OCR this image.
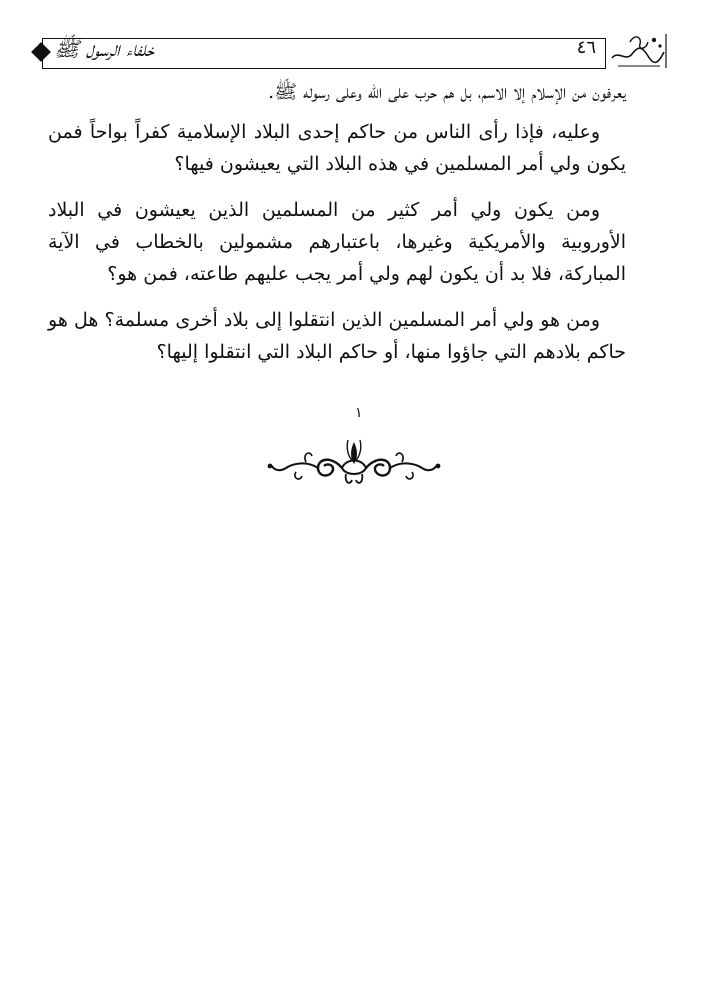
خلفاء الرسول ﷺ	٤٦

يعرفون من الإسلام إلا الاسم، بل هم حرب على الله وعلى رسوله ﷺ.

وعليه، فإذا رأى الناس من حاكم إحدى البلاد الإسلامية كفراً بواحاً فمن يكون ولي أمر المسلمين في هذه البلاد التي يعيشون فيها؟

ومن يكون ولي أمر كثير من المسلمين الذين يعيشون في البلاد الأوروبية والأمريكية وغيرها، باعتبارهم مشمولين بالخطاب في الآية المباركة، فلا بد أن يكون لهم ولي أمر يجب عليهم طاعته، فمن هو؟

ومن هو ولي أمر المسلمين الذين انتقلوا إلى بلاد أخرى مسلمة؟ هل هو حاكم بلادهم التي جاؤوا منها، أو حاكم البلاد التي انتقلوا إليها؟

١
